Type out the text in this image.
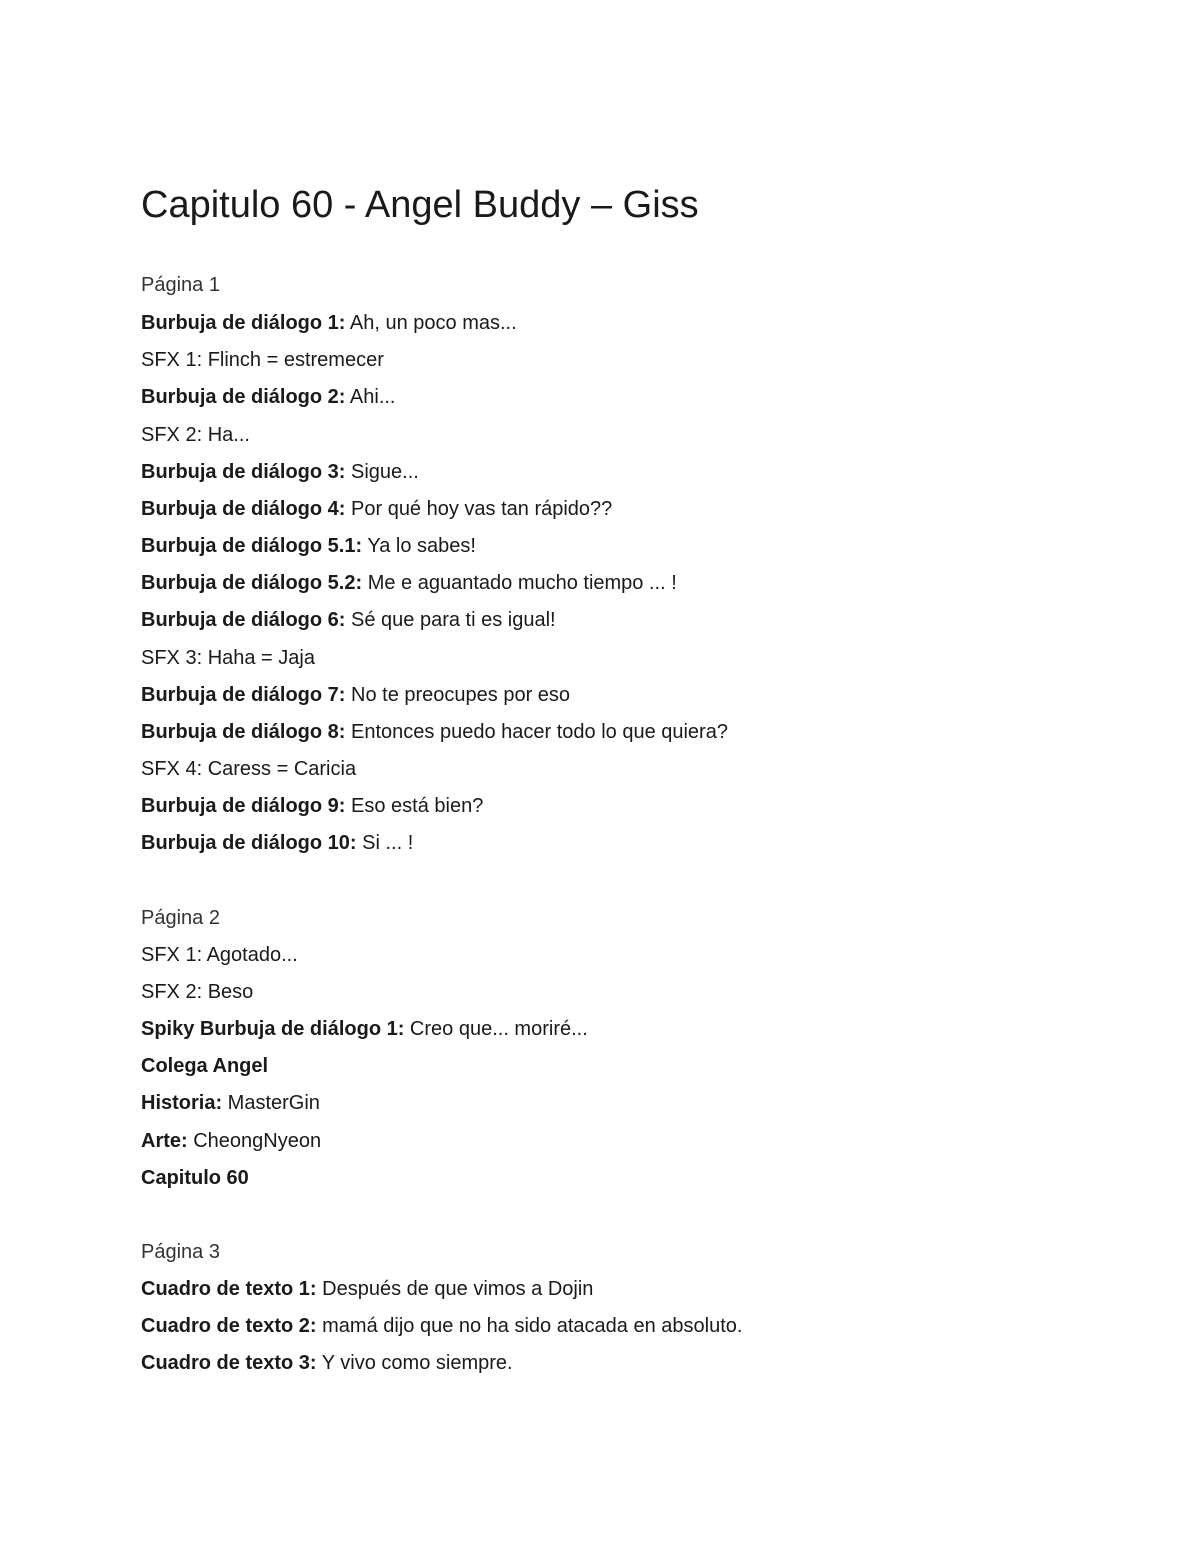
Capitulo 60 - Angel Buddy – Giss

Página 1

Burbuja de diálogo 1: Ah, un poco mas...

SFX 1: Flinch = estremecer

Burbuja de diálogo 2: Ahi...

SFX 2: Ha...

Burbuja de diálogo 3: Sigue...

Burbuja de diálogo 4: Por qué hoy vas tan rápido??

Burbuja de diálogo 5.1: Ya lo sabes!

Burbuja de diálogo 5.2: Me e aguantado mucho tiempo ... !

Burbuja de diálogo 6: Sé que para ti es igual!

SFX 3: Haha = Jaja

Burbuja de diálogo 7: No te preocupes por eso

Burbuja de diálogo 8: Entonces puedo hacer todo lo que quiera?

SFX 4: Caress = Caricia

Burbuja de diálogo 9: Eso está bien?

Burbuja de diálogo 10: Si ... !

Página 2

SFX 1: Agotado...

SFX 2: Beso

Spiky Burbuja de diálogo 1: Creo que... moriré...

Colega Angel

Historia: MasterGin

Arte: CheongNyeon

Capitulo 60

Página 3

Cuadro de texto 1: Después de que vimos a Dojin

Cuadro de texto 2: mamá dijo que no ha sido atacada en absoluto.

Cuadro de texto 3: Y vivo como siempre.
